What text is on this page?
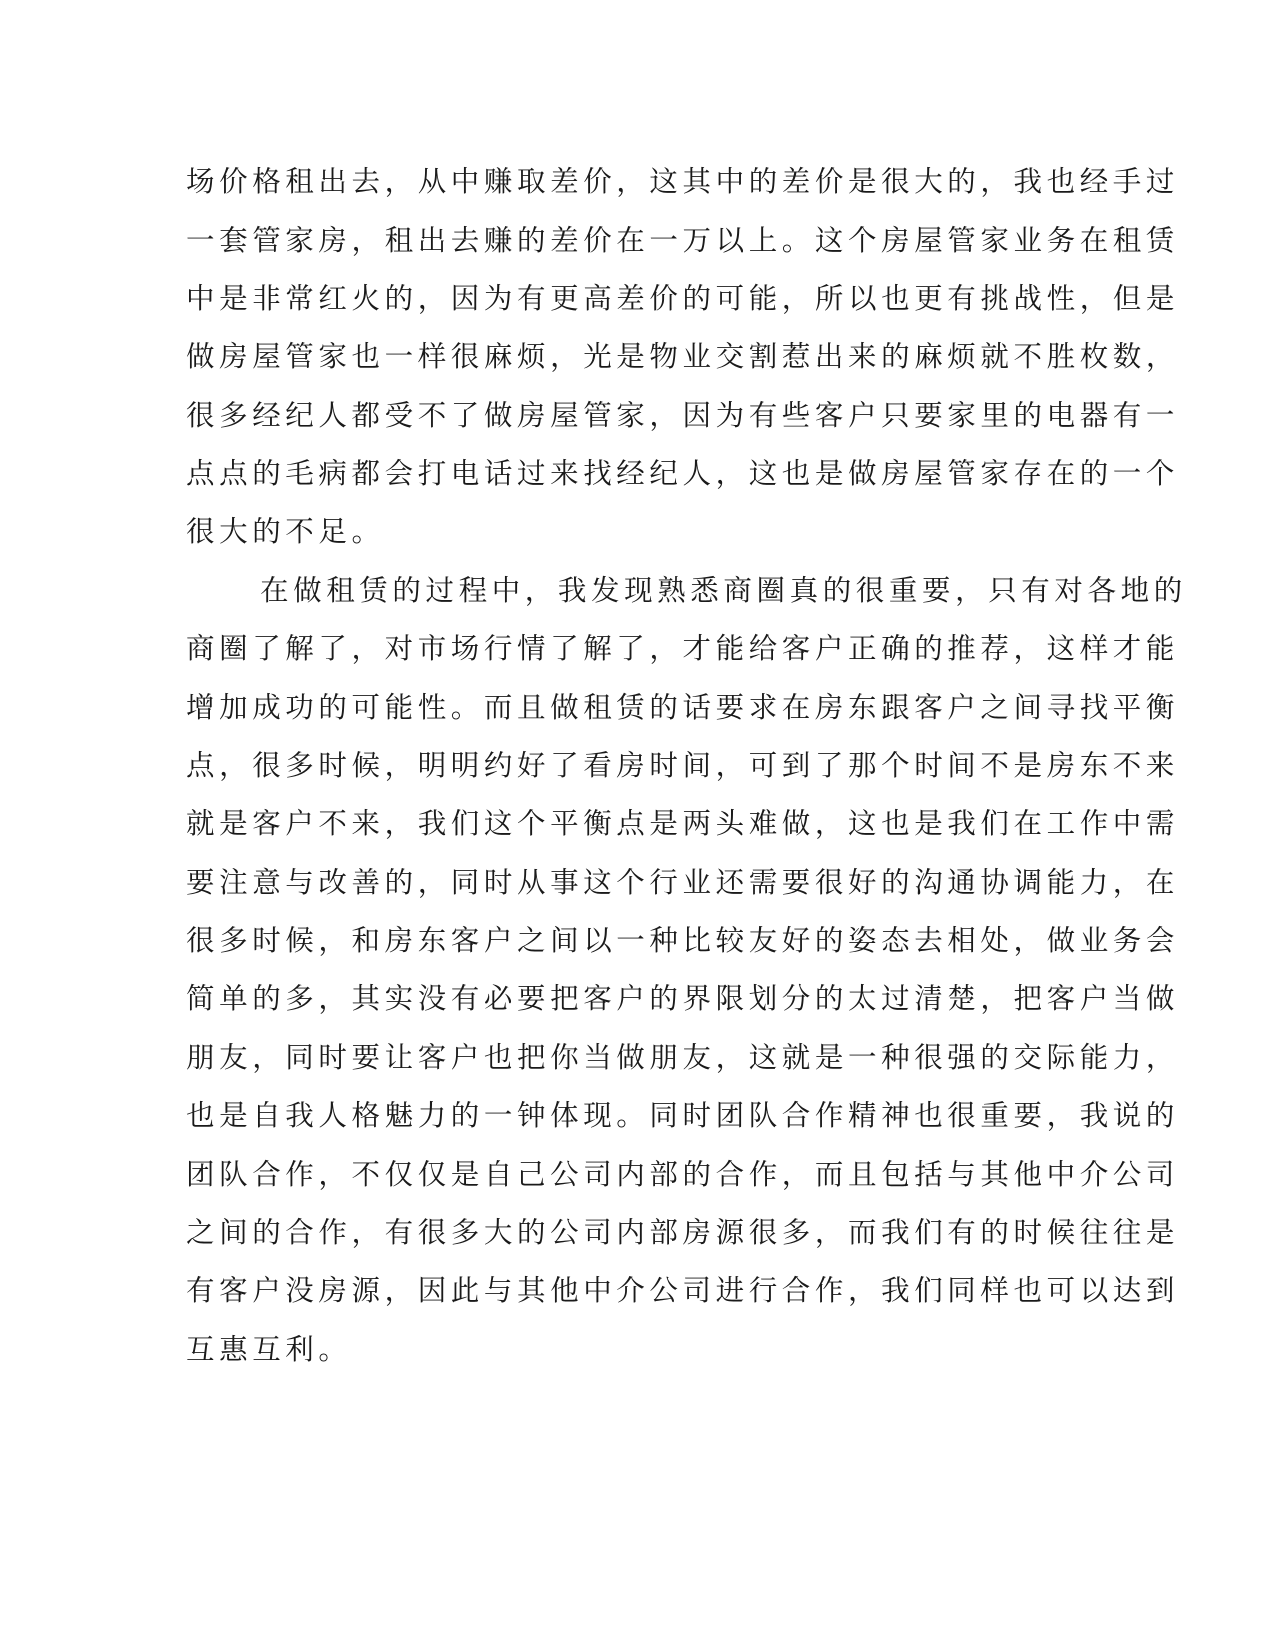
场价格租出去，从中赚取差价，这其中的差价是很大的，我也经手过
一套管家房，租出去赚的差价在一万以上。这个房屋管家业务在租赁
中是非常红火的，因为有更高差价的可能，所以也更有挑战性，但是
做房屋管家也一样很麻烦，光是物业交割惹出来的麻烦就不胜枚数，
很多经纪人都受不了做房屋管家，因为有些客户只要家里的电器有一
点点的毛病都会打电话过来找经纪人，这也是做房屋管家存在的一个
很大的不足。
在做租赁的过程中，我发现熟悉商圈真的很重要，只有对各地的
商圈了解了，对市场行情了解了，才能给客户正确的推荐，这样才能
增加成功的可能性。而且做租赁的话要求在房东跟客户之间寻找平衡
点，很多时候，明明约好了看房时间，可到了那个时间不是房东不来
就是客户不来，我们这个平衡点是两头难做，这也是我们在工作中需
要注意与改善的，同时从事这个行业还需要很好的沟通协调能力，在
很多时候，和房东客户之间以一种比较友好的姿态去相处，做业务会
简单的多，其实没有必要把客户的界限划分的太过清楚，把客户当做
朋友，同时要让客户也把你当做朋友，这就是一种很强的交际能力，
也是自我人格魅力的一钟体现。同时团队合作精神也很重要，我说的
团队合作，不仅仅是自己公司内部的合作，而且包括与其他中介公司
之间的合作，有很多大的公司内部房源很多，而我们有的时候往往是
有客户没房源，因此与其他中介公司进行合作，我们同样也可以达到
互惠互利。
